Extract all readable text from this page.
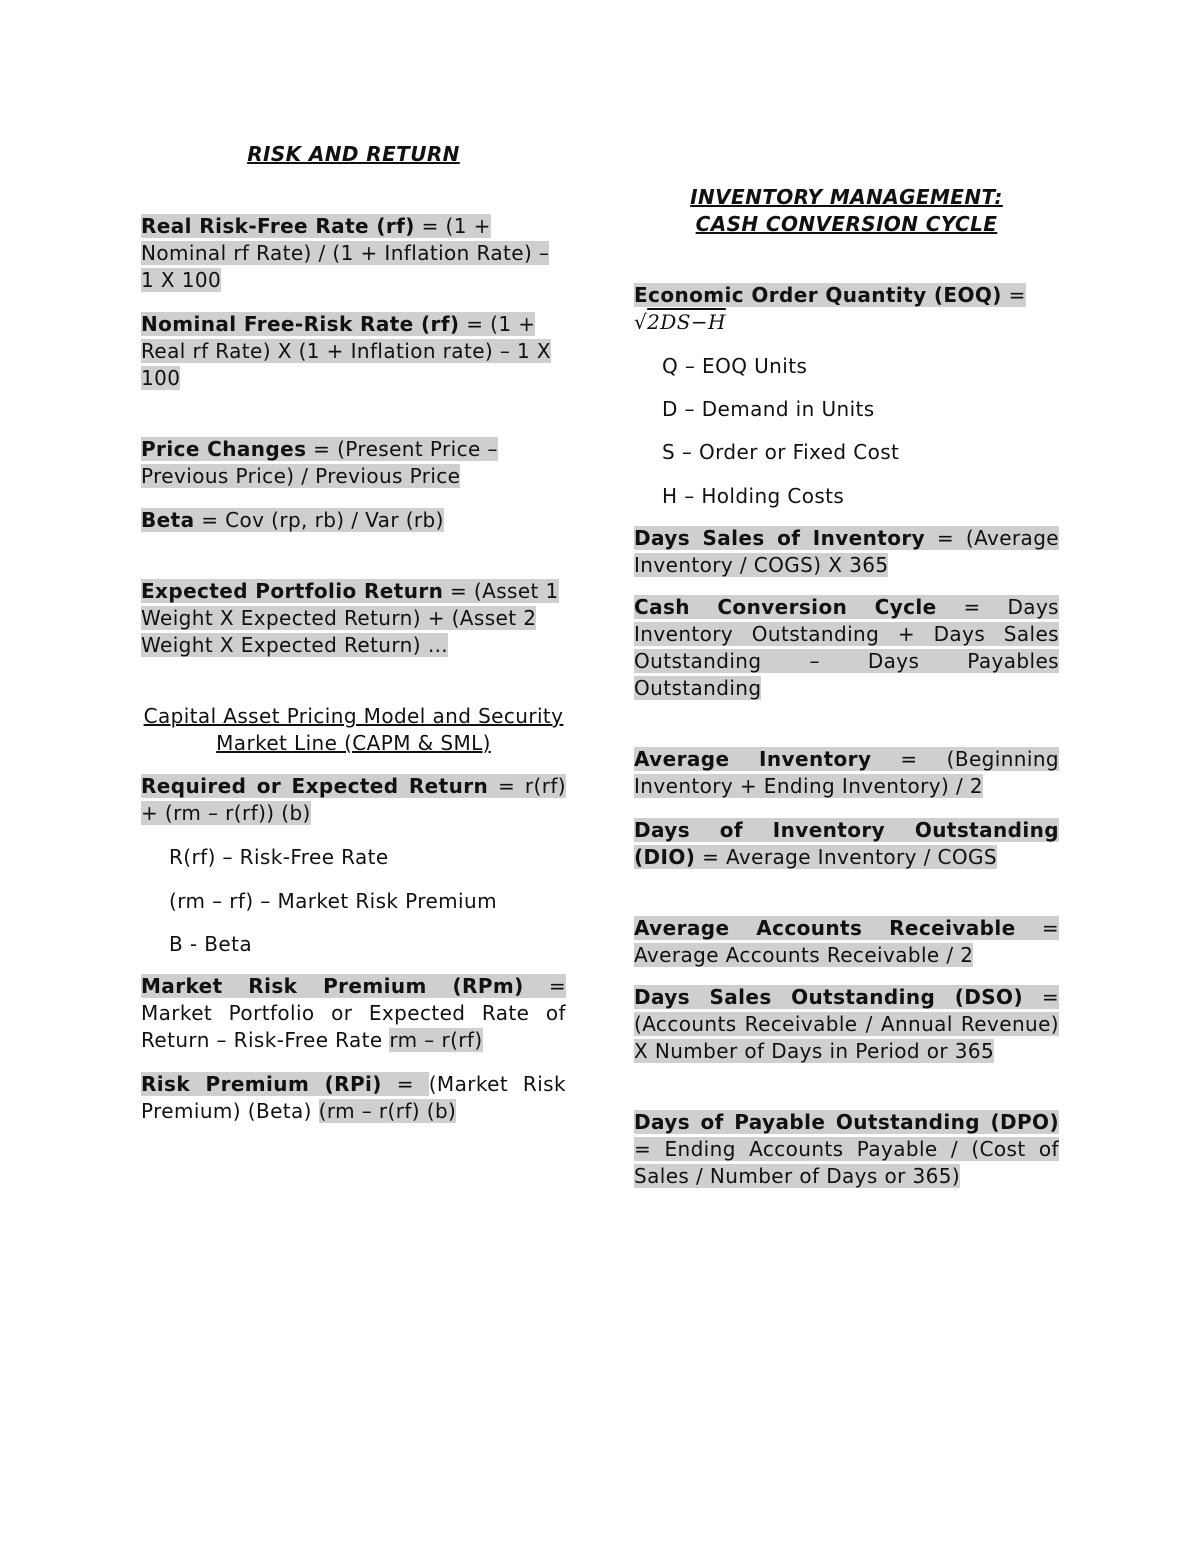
RISK AND RETURN
Real Risk-Free Rate (rf) = (1 + Nominal rf Rate) / (1 + Inflation Rate) – 1 X 100
Nominal Free-Risk Rate (rf) = (1 + Real rf Rate) X (1 + Inflation rate) – 1 X 100
Price Changes = (Present Price – Previous Price) / Previous Price
Beta = Cov (rp, rb) / Var (rb)
Expected Portfolio Return = (Asset 1 Weight X Expected Return) + (Asset 2 Weight X Expected Return) …
Capital Asset Pricing Model and Security Market Line (CAPM & SML)
Required or Expected Return = r(rf) + (rm – r(rf)) (b)
R(rf) – Risk-Free Rate
(rm – rf) – Market Risk Premium
B - Beta
Market Risk Premium (RPm) = Market Portfolio or Expected Rate of Return – Risk-Free Rate rm – r(rf)
Risk Premium (RPi) = (Market Risk Premium) (Beta) (rm – r(rf) (b)
INVENTORY MANAGEMENT:
CASH CONVERSION CYCLE
Economic Order Quantity (EOQ) =
√2DS−H
Q – EOQ Units
D – Demand in Units
S – Order or Fixed Cost
H – Holding Costs
Days Sales of Inventory = (Average Inventory / COGS) X 365
Cash Conversion Cycle = Days Inventory Outstanding + Days Sales Outstanding – Days Payables Outstanding
Average Inventory = (Beginning Inventory + Ending Inventory) / 2
Days of Inventory Outstanding (DIO) = Average Inventory / COGS
Average Accounts Receivable = Average Accounts Receivable / 2
Days Sales Outstanding (DSO) = (Accounts Receivable / Annual Revenue) X Number of Days in Period or 365
Days of Payable Outstanding (DPO) = Ending Accounts Payable / (Cost of Sales / Number of Days or 365)
